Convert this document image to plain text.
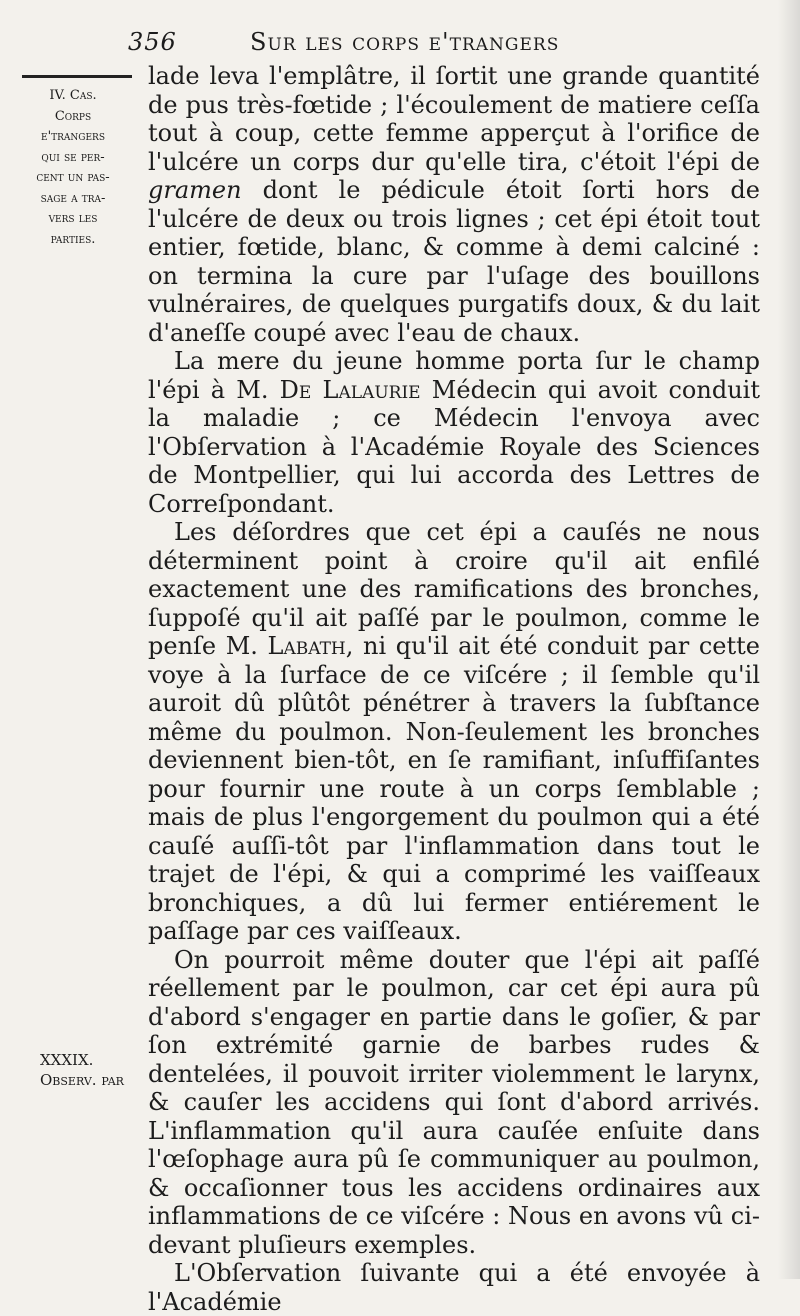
356	Sur les corps e'trangers
IV. Cas.
Corps
e'trangers
qui se per-
cent un pas-
sage a tra-
vers les
parties.

lade leva l'emplâtre, il ſortit une grande quantité de pus très-fœtide ; l'écoulement de matiere ceſſa tout à coup, cette femme apperçut à l'orifice de l'ulcére un corps dur qu'elle tira, c'étoit l'épi de gramen dont le pédicule étoit ſorti hors de l'ulcére de deux ou trois lignes ; cet épi étoit tout entier, fœtide, blanc, & comme à demi calciné : on termina la cure par l'uſage des bouillons vulnéraires, de quelques purgatifs doux, & du lait d'aneſſe coupé avec l'eau de chaux.

La mere du jeune homme porta ſur le champ l'épi à M. De Lalaurie Médecin qui avoit conduit la maladie ; ce Médecin l'envoya avec l'Obſervation à l'Académie Royale des Sciences de Montpellier, qui lui accorda des Lettres de Correſpondant.

Les déſordres que cet épi a cauſés ne nous déterminent point à croire qu'il ait enfilé exactement une des ramifications des bronches, ſuppoſé qu'il ait paſſé par le poulmon, comme le penſe M. Labath, ni qu'il ait été conduit par cette voye à la ſurface de ce viſcére ; il ſemble qu'il auroit dû plûtôt pénétrer à travers la ſubſtance même du poulmon. Non-ſeulement les bronches deviennent bien-tôt, en ſe ramifiant, inſuffiſantes pour fournir une route à un corps ſemblable ; mais de plus l'engorgement du poulmon qui a été cauſé auſſi-tôt par l'inflammation dans tout le trajet de l'épi, & qui a comprimé les vaiſſeaux bronchiques, a dû lui fermer entiérement le paſſage par ces vaiſſeaux.

On pourroit même douter que l'épi ait paſſé réellement par le poulmon, car cet épi aura pû d'abord s'engager en partie dans le goſier, & par ſon extrémité garnie de barbes rudes & dentelées, il pouvoit irriter violemment le larynx, & cauſer les accidens qui ſont d'abord arrivés. L'inflammation qu'il aura cauſée enſuite dans l'œſophage aura pû ſe communiquer au poulmon, & occaſionner tous les accidens ordinaires aux inflammations de ce viſcére : Nous en avons vû ci-devant pluſieurs exemples.

L'Obſervation ſuivante qui a été envoyée à l'Académie

XXXIX.
Observ. par
